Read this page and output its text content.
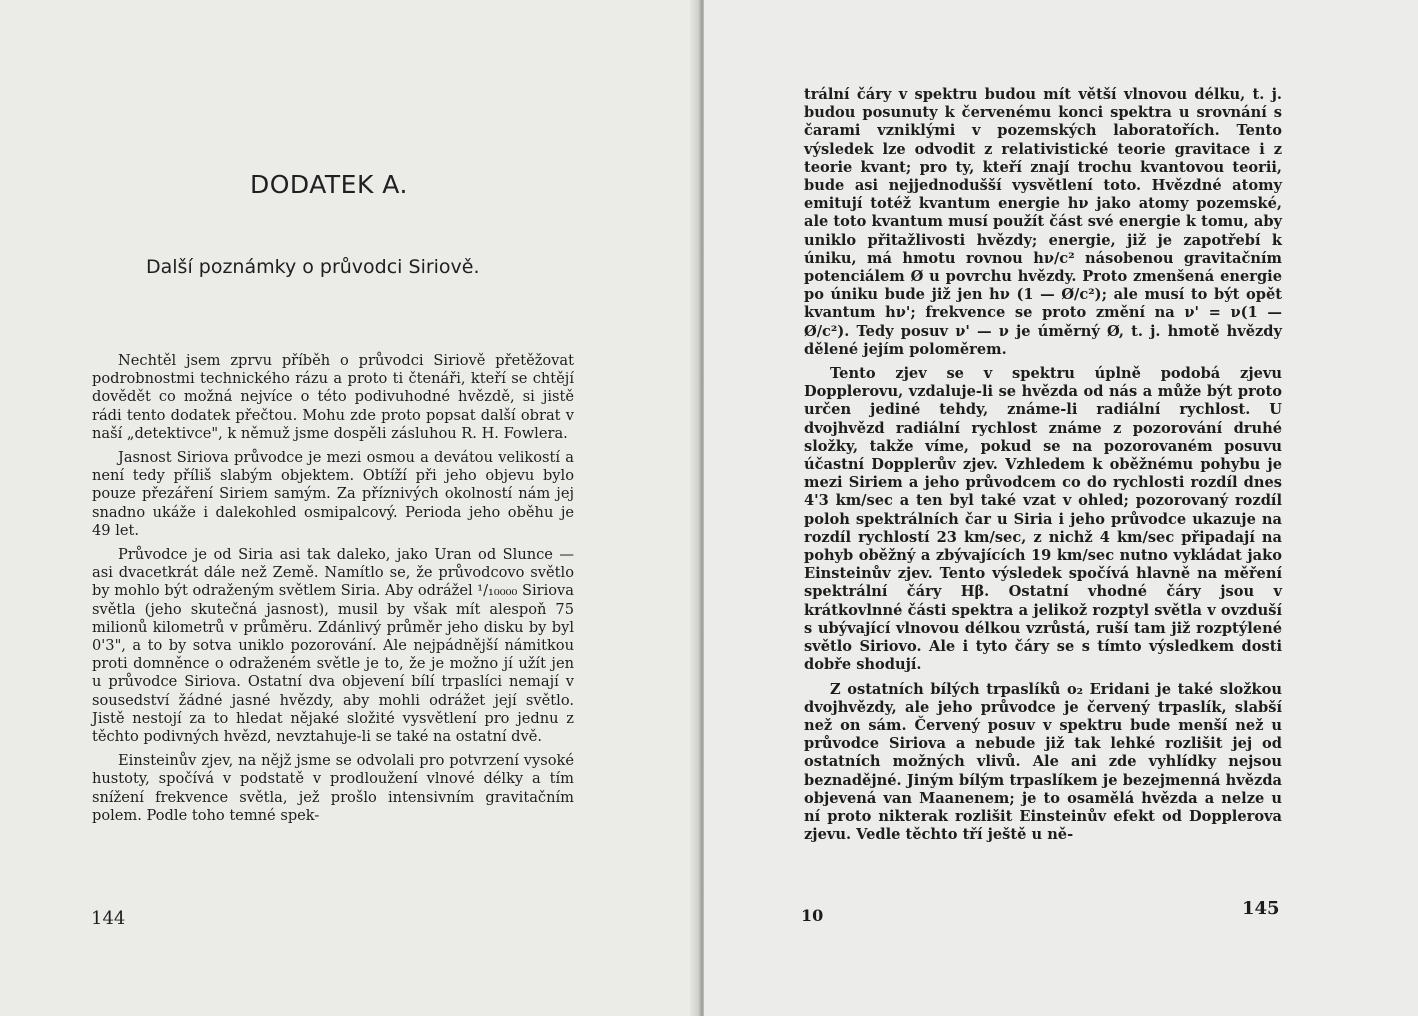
DODATEK A.
Další poznámky o průvodci Siriově.

Nechtěl jsem zprvu příběh o průvodci Siriově přetěžovat podrobnostmi technického rázu a proto ti čtenáři, kteří se chtějí dovědět co možná nejvíce o této podivuhodné hvězdě, si jistě rádi tento dodatek přečtou. Mohu zde proto popsat další obrat v naší „detektivce", k němuž jsme dospěli zásluhou R. H. Fowlera.

Jasnost Siriova průvodce je mezi osmou a devátou velikostí a není tedy příliš slabým objektem. Obtíží při jeho objevu bylo pouze přezáření Siriem samým. Za příznivých okolností nám jej snadno ukáže i dalekohled osmipalcový. Perioda jeho oběhu je 49 let.

Průvodce je od Siria asi tak daleko, jako Uran od Slunce — asi dvacetkrát dále než Země. Namítlo se, že průvodcovo světlo by mohlo být odraženým světlem Siria. Aby odrážel ¹/₁₀₀₀₀ Siriova světla (jeho skutečná jasnost), musil by však mít alespoň 75 milionů kilometrů v průměru. Zdánlivý průměr jeho disku by byl 0'3", a to by sotva uniklo pozorování. Ale nejpádnější námitkou proti domněnce o odraženém světle je to, že je možno jí užít jen u průvodce Siriova. Ostatní dva objevení bílí trpaslíci nemají v sousedství žádné jasné hvězdy, aby mohli odrážet její světlo. Jistě nestojí za to hledat nějaké složité vysvětlení pro jednu z těchto podivných hvězd, nevztahuje-li se také na ostatní dvě.

Einsteinův zjev, na nějž jsme se odvolali pro potvrzení vysoké hustoty, spočívá v podstatě v prodloužení vlnové délky a tím snížení frekvence světla, jež prošlo intensivním gravitačním polem. Podle toho temné spek-

144

trální čáry v spektru budou mít větší vlnovou délku, t. j. budou posunuty k červenému konci spektra u srovnání s čarami vzniklými v pozemských laboratořích. Tento výsledek lze odvodit z relativistické teorie gravitace i z teorie kvant; pro ty, kteří znají trochu kvantovou teorii, bude asi nejjednodušší vysvětlení toto. Hvězdné atomy emitují totéž kvantum energie hν jako atomy pozemské, ale toto kvantum musí použít část své energie k tomu, aby uniklo přitažlivosti hvězdy; energie, již je zapotřebí k úniku, má hmotu rovnou hν/c² násobenou gravitačním potenciálem Ø u povrchu hvězdy. Proto zmenšená energie po úniku bude již jen hν (1 — Ø/c²); ale musí to být opět kvantum hν'; frekvence se proto změní na ν' = ν(1 — Ø/c²). Tedy posuv ν' — ν je úměrný Ø, t. j. hmotě hvězdy dělené jejím poloměrem.

Tento zjev se v spektru úplně podobá zjevu Dopplerovu, vzdaluje-li se hvězda od nás a může být proto určen jediné tehdy, známe-li radiální rychlost. U dvojhvězd radiální rychlost známe z pozorování druhé složky, takže víme, pokud se na pozorovaném posuvu účastní Dopplerův zjev. Vzhledem k oběžnému pohybu je mezi Siriem a jeho průvodcem co do rychlosti rozdíl dnes 4'3 km/sec a ten byl také vzat v ohled; pozorovaný rozdíl poloh spektrálních čar u Siria i jeho průvodce ukazuje na rozdíl rychlostí 23 km/sec, z nichž 4 km/sec připadají na pohyb oběžný a zbývajících 19 km/sec nutno vykládat jako Einsteinův zjev. Tento výsledek spočívá hlavně na měření spektrální čáry Hβ. Ostatní vhodné čáry jsou v krátkovlnné části spektra a jelikož rozptyl světla v ovzduší s ubývající vlnovou délkou vzrůstá, ruší tam již rozptýlené světlo Siriovo. Ale i tyto čáry se s tímto výsledkem dosti dobře shodují.

Z ostatních bílých trpaslíků o₂ Eridani je také složkou dvojhvězdy, ale jeho průvodce je červený trpaslík, slabší než on sám. Červený posuv v spektru bude menší než u průvodce Siriova a nebude již tak lehké rozlišit jej od ostatních možných vlivů. Ale ani zde vyhlídky nejsou beznadějné. Jiným bílým trpaslíkem je bezejmenná hvězda objevená van Maanenem; je to osamělá hvězda a nelze u ní proto nikterak rozlišit Einsteinův efekt od Dopplerova zjevu. Vedle těchto tří ještě u ně-

10	145
